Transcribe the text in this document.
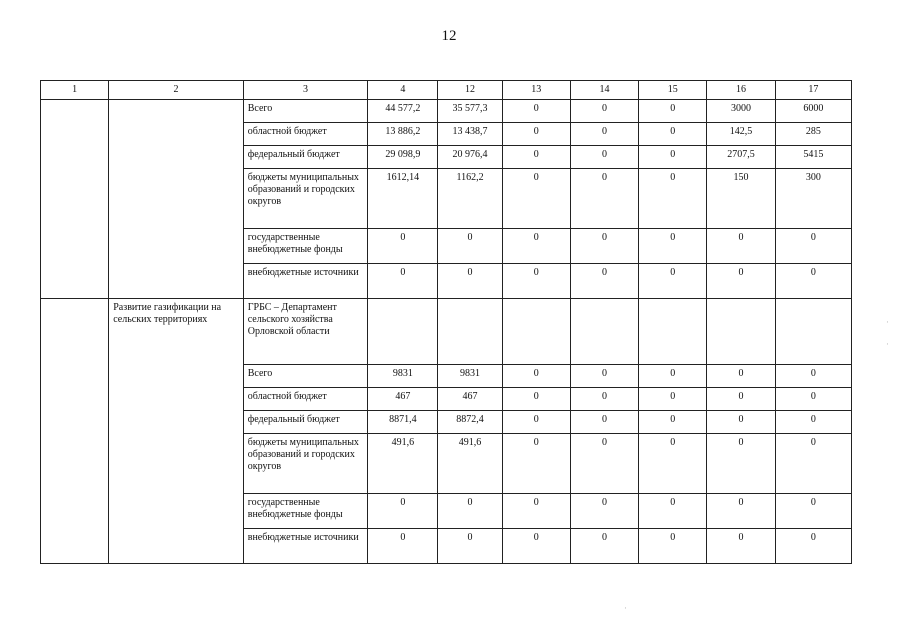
12
1	2	3	4	12	13	14	15	16	17
		Всего	44 577,2	35 577,3	0	0	0	3000	6000
		областной бюджет	13 886,2	13 438,7	0	0	0	142,5	285
		федеральный бюджет	29 098,9	20 976,4	0	0	0	2707,5	5415
		бюджеты муниципальных образований и городских округов	1612,14	1162,2	0	0	0	150	300
		государственные внебюджетные фонды	0	0	0	0	0	0	0
		внебюджетные источники	0	0	0	0	0	0	0
	Развитие газификации на сельских территориях	ГРБС – Департамент сельского хозяйства Орловской области							
		Всего	9831	9831	0	0	0	0	0
		областной бюджет	467	467	0	0	0	0	0
		федеральный бюджет	8871,4	8872,4	0	0	0	0	0
		бюджеты муниципальных образований и городских округов	491,6	491,6	0	0	0	0	0
		государственные внебюджетные фонды	0	0	0	0	0	0	0
		внебюджетные источники	0	0	0	0	0	0	0
·
·
·
